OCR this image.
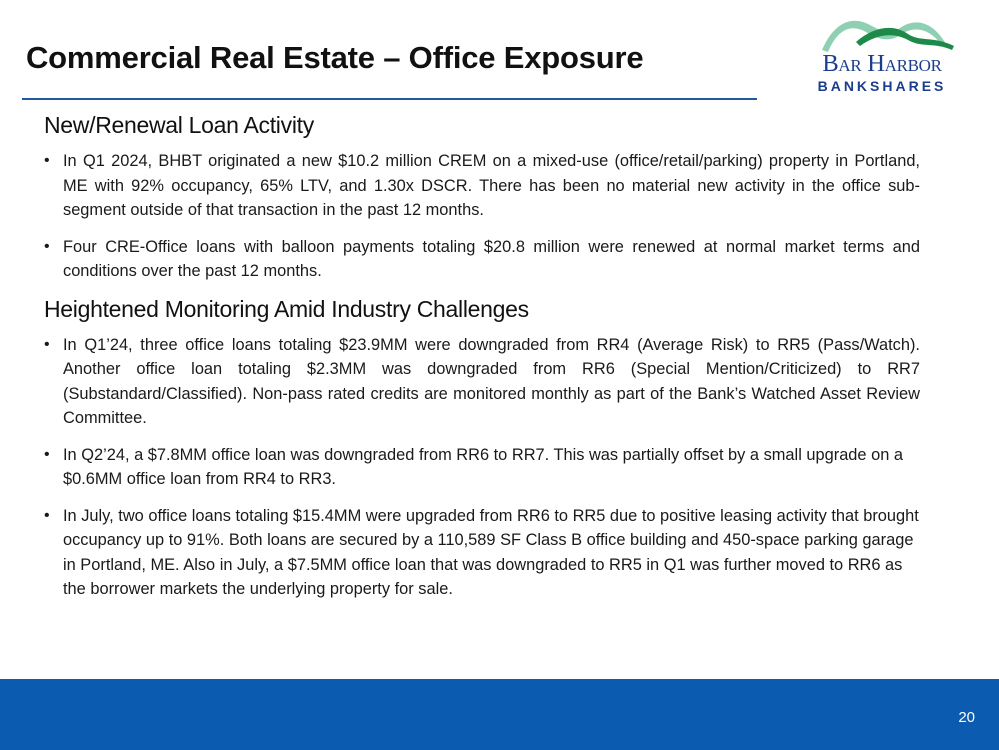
Commercial Real Estate – Office Exposure	Bar Harbor
BANKSHARES
New/Renewal Loan Activity
• In Q1 2024, BHBT originated a new $10.2 million CREM on a mixed-use (office/retail/parking) property in Portland, ME with 92% occupancy, 65% LTV, and 1.30x DSCR. There has been no material new activity in the office sub-segment outside of that transaction in the past 12 months.
• Four CRE-Office loans with balloon payments totaling $20.8 million were renewed at normal market terms and conditions over the past 12 months.
Heightened Monitoring Amid Industry Challenges
• In Q1’24, three office loans totaling $23.9MM were downgraded from RR4 (Average Risk) to RR5 (Pass/Watch). Another office loan totaling $2.3MM was downgraded from RR6 (Special Mention/Criticized) to RR7 (Substandard/Classified). Non-pass rated credits are monitored monthly as part of the Bank’s Watched Asset Review Committee.
• In Q2’24, a $7.8MM office loan was downgraded from RR6 to RR7. This was partially offset by a small upgrade on a $0.6MM office loan from RR4 to RR3.
• In July, two office loans totaling $15.4MM were upgraded from RR6 to RR5 due to positive leasing activity that brought occupancy up to 91%. Both loans are secured by a 110,589 SF Class B office building and 450-space parking garage in Portland, ME. Also in July, a $7.5MM office loan that was downgraded to RR5 in Q1 was further moved to RR6 as the borrower markets the underlying property for sale.
20
